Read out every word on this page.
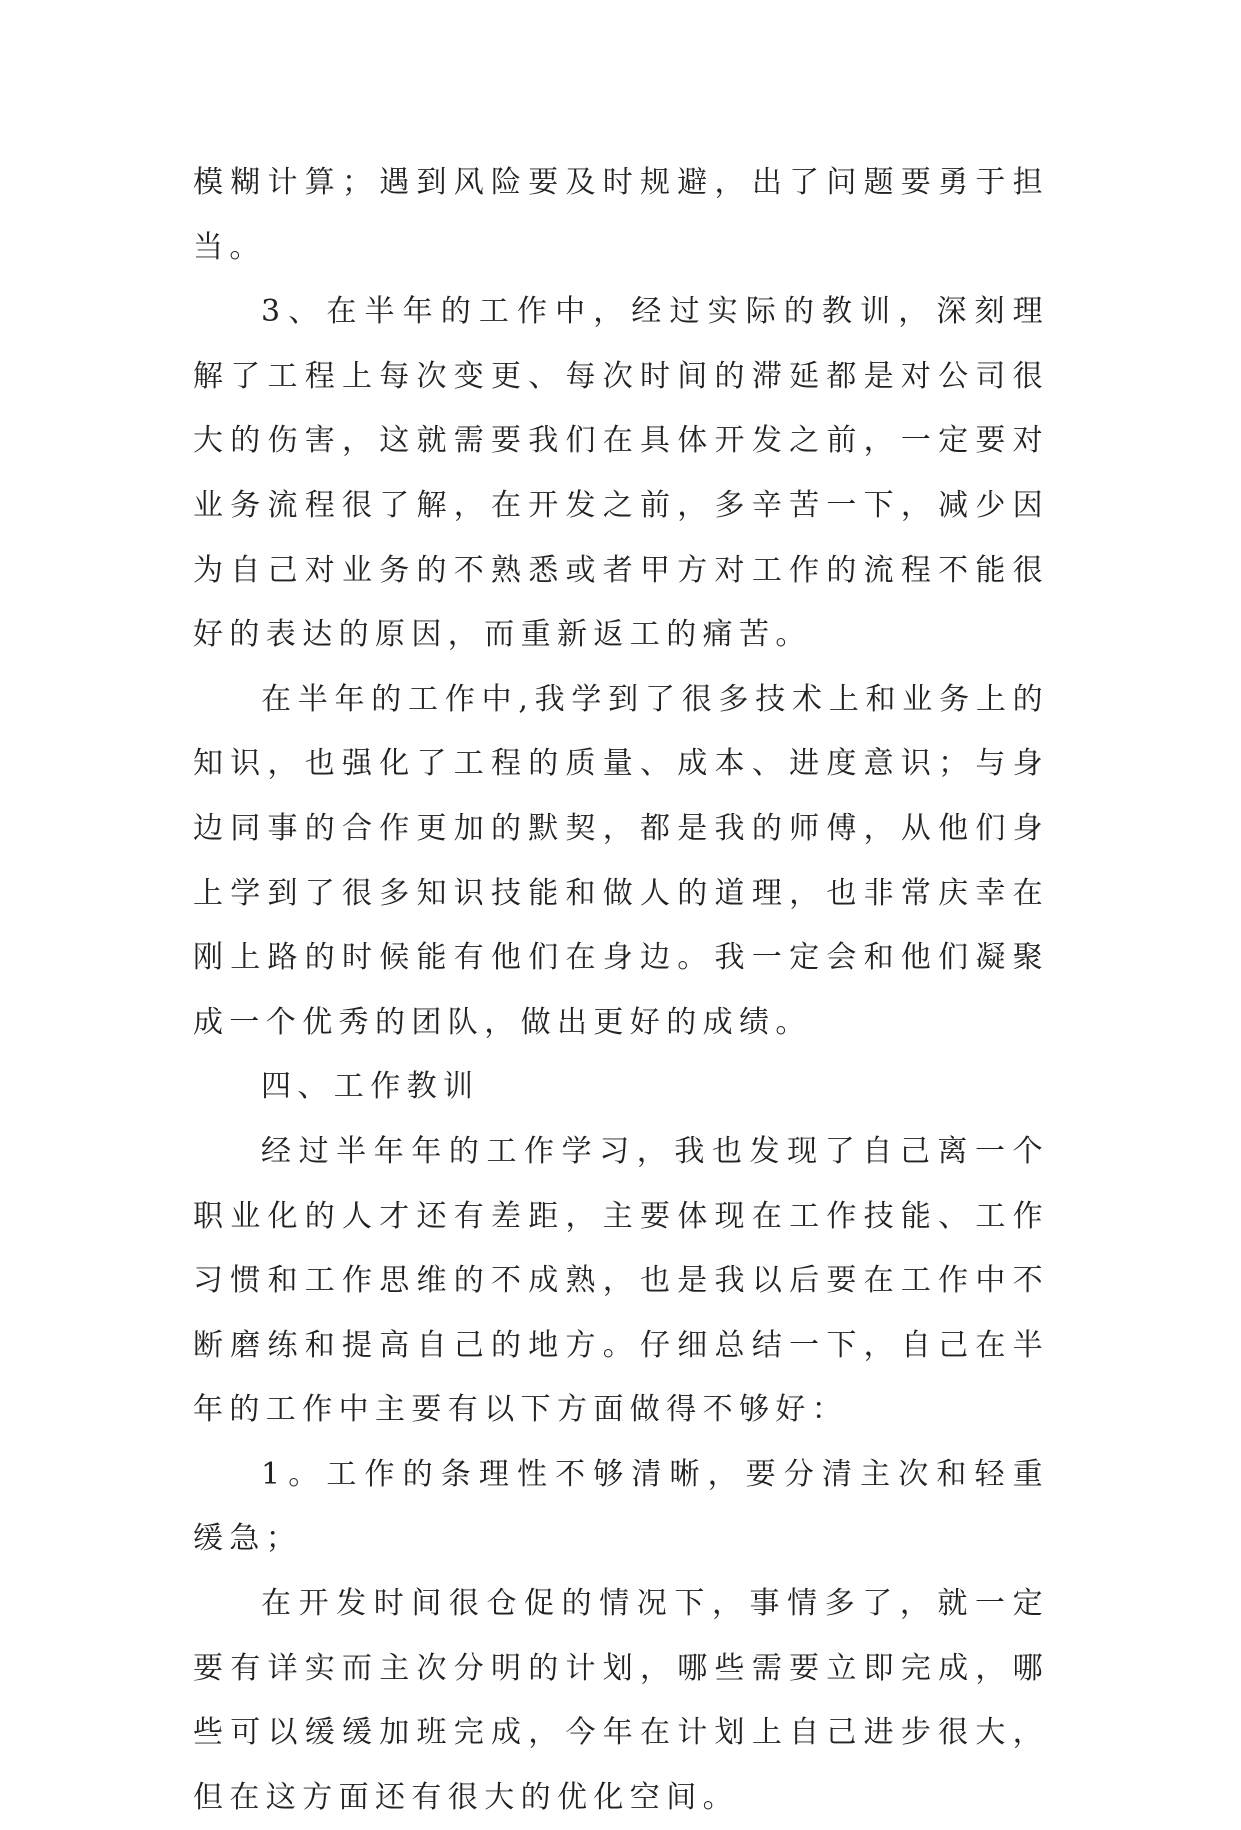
模糊计算；遇到风险要及时规避，出了问题要勇于担当。

3、在半年的工作中，经过实际的教训，深刻理解了工程上每次变更、每次时间的滞延都是对公司很大的伤害，这就需要我们在具体开发之前，一定要对业务流程很了解，在开发之前，多辛苦一下，减少因为自己对业务的不熟悉或者甲方对工作的流程不能很好的表达的原因，而重新返工的痛苦。

在半年的工作中,我学到了很多技术上和业务上的知识，也强化了工程的质量、成本、进度意识；与身边同事的合作更加的默契，都是我的师傅，从他们身上学到了很多知识技能和做人的道理，也非常庆幸在刚上路的时候能有他们在身边。我一定会和他们凝聚成一个优秀的团队，做出更好的成绩。

四、工作教训

经过半年年的工作学习，我也发现了自己离一个职业化的人才还有差距，主要体现在工作技能、工作习惯和工作思维的不成熟，也是我以后要在工作中不断磨练和提高自己的地方。仔细总结一下，自己在半年的工作中主要有以下方面做得不够好：

1。工作的条理性不够清晰，要分清主次和轻重缓急；

在开发时间很仓促的情况下，事情多了，就一定要有详实而主次分明的计划，哪些需要立即完成，哪些可以缓缓加班完成，今年在计划上自己进步很大，但在这方面还有很大的优化空间。
